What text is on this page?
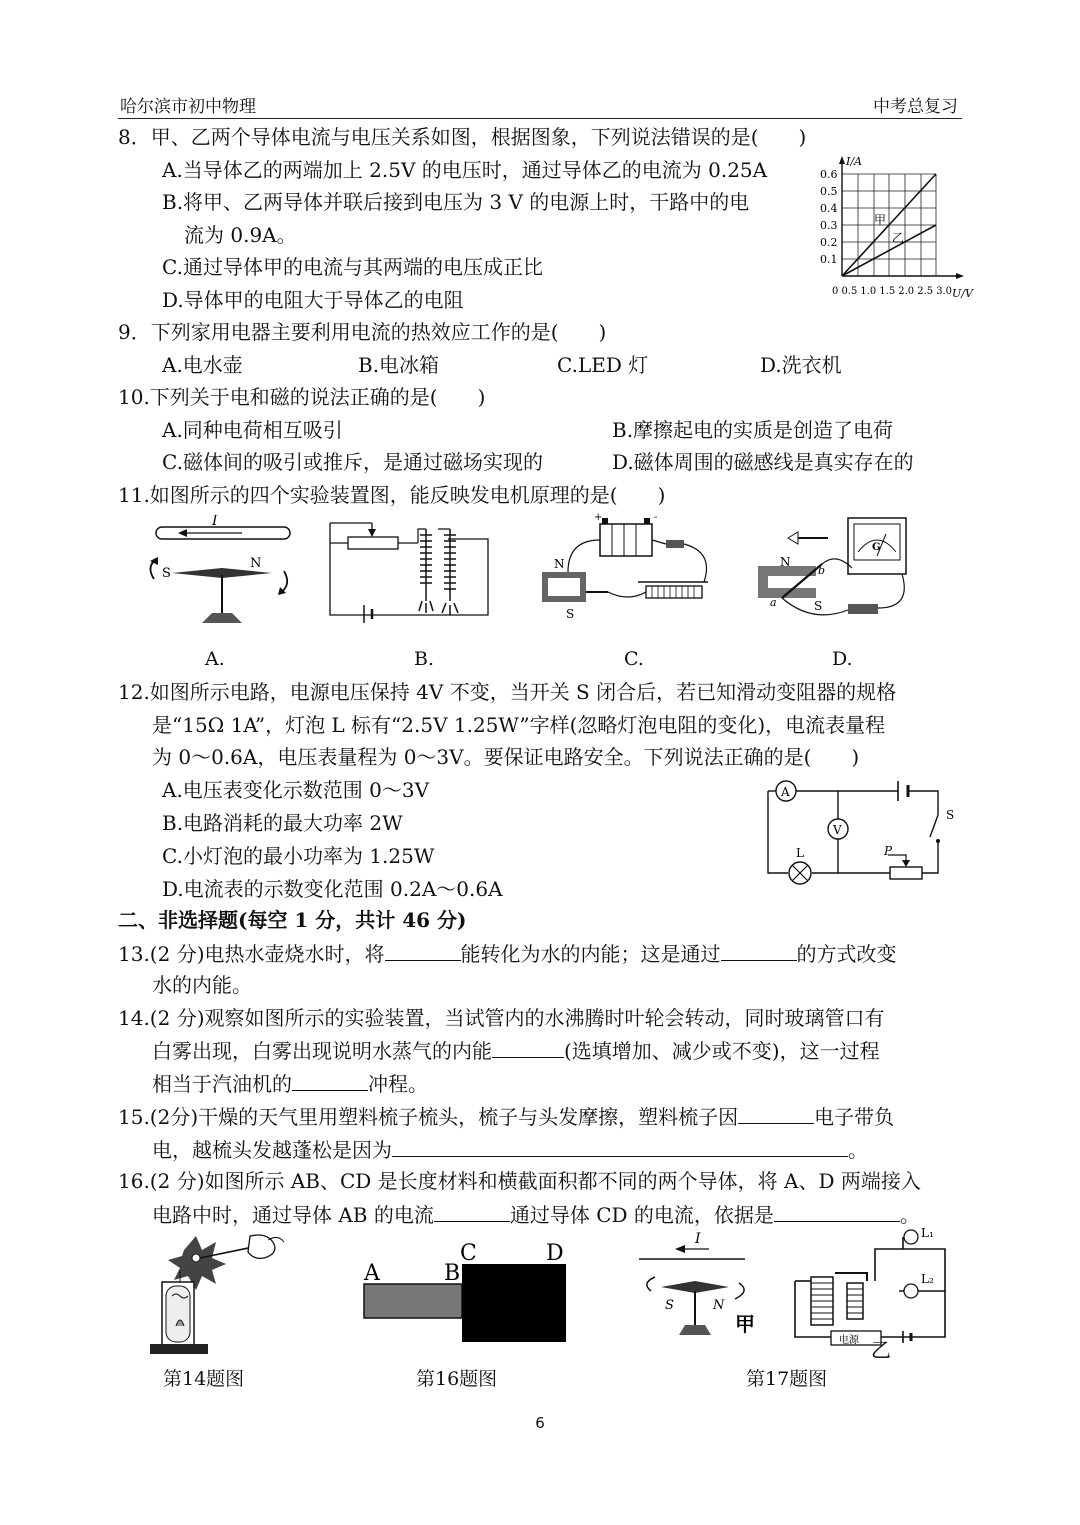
哈尔滨市初中物理	中考总复习
8．甲、乙两个导体电流与电压关系如图，根据图象，下列说法错误的是(　　)
A.当导体乙的两端加上 2.5V 的电压时，通过导体乙的电流为 0.25A
B.将甲、乙两导体并联后接到电压为 3 V 的电源上时，干路中的电
流为 0.9A。
C.通过导体甲的电流与其两端的电压成正比
D.导体甲的电阻大于导体乙的电阻
I/A
0.6
0.5
0.4
0.3
0.2
0.1
0 0.5 1.0 1.5 2.0 2.5 3.0 U/V
甲
乙
9．下列家用电器主要利用电流的热效应工作的是(　　)
A.电水壶	B.电冰箱	C.LED 灯	D.洗衣机
10.下列关于电和磁的说法正确的是(　　)
A.同种电荷相互吸引	B.摩擦起电的实质是创造了电荷
C.磁体间的吸引或推斥，是通过磁场实现的	D.磁体周围的磁感线是真实存在的
11.如图所示的四个实验装置图，能反映发电机原理的是(　　)
I
S
N
+	-
N
S
G
N
S
a
b
A.	B.	C.	D.
12.如图所示电路，电源电压保持 4V 不变，当开关 S 闭合后，若已知滑动变阻器的规格
是“15Ω 1A”，灯泡 L 标有“2.5V 1.25W”字样(忽略灯泡电阻的变化)，电流表量程
为 0～0.6A，电压表量程为 0～3V。要保证电路安全。下列说法正确的是(　　)
A.电压表变化示数范围 0～3V
B.电路消耗的最大功率 2W
C.小灯泡的最小功率为 1.25W
D.电流表的示数变化范围 0.2A～0.6A
A
V
S
L	P
二、非选择题(每空 1 分，共计 46 分)
13.(2 分)电热水壶烧水时，将	能转化为水的内能；这是通过	的方式改变
水的内能。
14.(2 分)观察如图所示的实验装置，当试管内的水沸腾时叶轮会转动，同时玻璃管口有
白雾出现，白雾出现说明水蒸气的内能	(选填增加、减少或不变)，这一过程
相当于汽油机的	冲程。
15.(2分)干燥的天气里用塑料梳子梳头，梳子与头发摩擦，塑料梳子因	电子带负
电，越梳头发越蓬松是因为	。
16.(2 分)如图所示 AB、CD 是长度材料和横截面积都不同的两个导体，将 A、D 两端接入
电路中时，通过导体 AB 的电流	通过导体 CD 的电流，依据是	。
A	B
C	D
I
S	N
甲
电源
L₁
L₂
乙
第14题图	第16题图	第17题图
6
